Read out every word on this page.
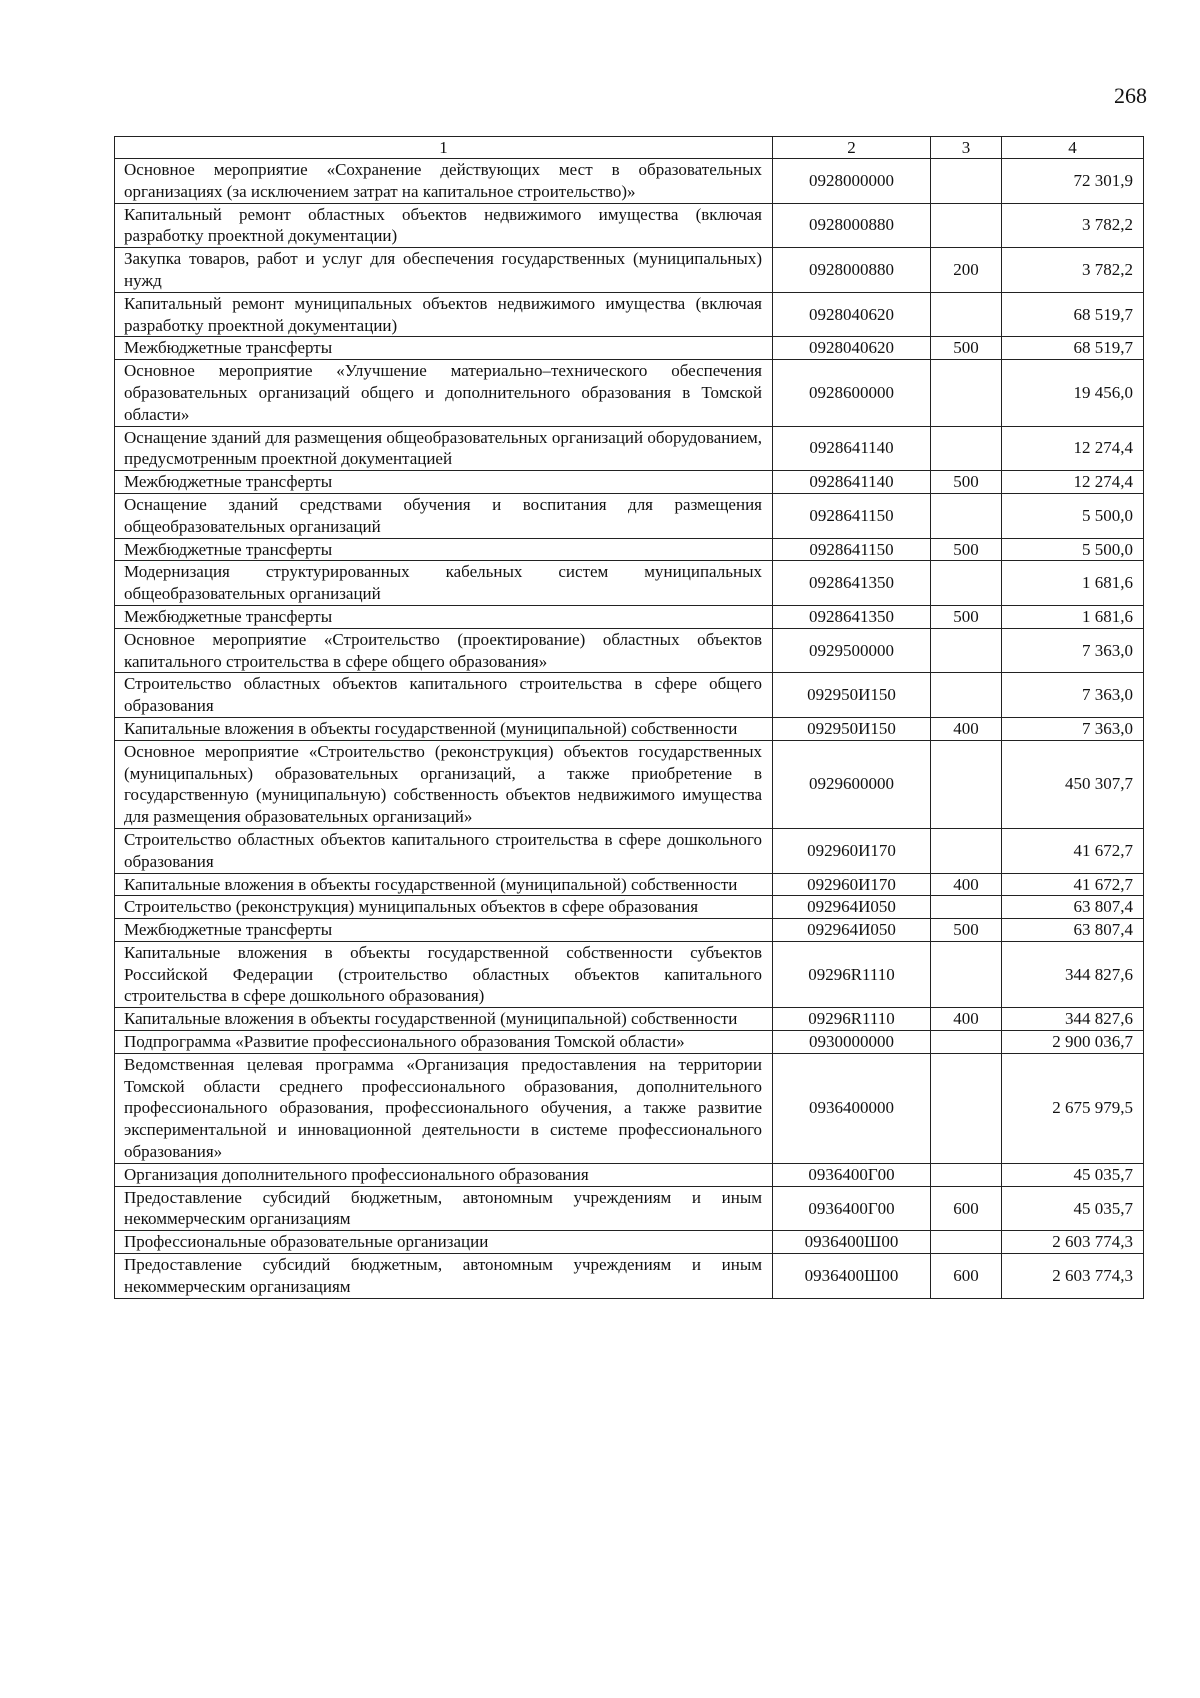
268
1	2	3	4
Основное мероприятие «Сохранение действующих мест в образовательных организациях (за исключением затрат на капитальное строительство)»	0928000000		72 301,9
Капитальный ремонт областных объектов недвижимого имущества (включая разработку проектной документации)	0928000880		3 782,2
Закупка товаров, работ и услуг для обеспечения государственных (муниципальных) нужд	0928000880	200	3 782,2
Капитальный ремонт муниципальных объектов недвижимого имущества (включая разработку проектной документации)	0928040620		68 519,7
Межбюджетные трансферты	0928040620	500	68 519,7
Основное мероприятие «Улучшение материально–технического обеспечения образовательных организаций общего и дополнительного образования в Томской области»	0928600000		19 456,0
Оснащение зданий для размещения общеобразовательных организаций оборудованием, предусмотренным проектной документацией	0928641140		12 274,4
Межбюджетные трансферты	0928641140	500	12 274,4
Оснащение зданий средствами обучения и воспитания для размещения общеобразовательных организаций	0928641150		5 500,0
Межбюджетные трансферты	0928641150	500	5 500,0
Модернизация структурированных кабельных систем муниципальных общеобразовательных организаций	0928641350		1 681,6
Межбюджетные трансферты	0928641350	500	1 681,6
Основное мероприятие «Строительство (проектирование) областных объектов капитального строительства в сфере общего образования»	0929500000		7 363,0
Строительство областных объектов капитального строительства в сфере общего образования	092950И150		7 363,0
Капитальные вложения в объекты государственной (муниципальной) собственности	092950И150	400	7 363,0
Основное мероприятие «Строительство (реконструкция) объектов государственных (муниципальных) образовательных организаций, а также приобретение в государственную (муниципальную) собственность объектов недвижимого имущества для размещения образовательных организаций»	0929600000		450 307,7
Строительство областных объектов капитального строительства в сфере дошкольного образования	092960И170		41 672,7
Капитальные вложения в объекты государственной (муниципальной) собственности	092960И170	400	41 672,7
Строительство (реконструкция) муниципальных объектов в сфере образования	092964И050		63 807,4
Межбюджетные трансферты	092964И050	500	63 807,4
Капитальные вложения в объекты государственной собственности субъектов Российской Федерации (строительство областных объектов капитального строительства в сфере дошкольного образования)	09296R1110		344 827,6
Капитальные вложения в объекты государственной (муниципальной) собственности	09296R1110	400	344 827,6
Подпрограмма «Развитие профессионального образования Томской области»	0930000000		2 900 036,7
Ведомственная целевая программа «Организация предоставления на территории Томской области среднего профессионального образования, дополнительного профессионального образования, профессионального обучения, а также развитие экспериментальной и инновационной деятельности в системе профессионального образования»	0936400000		2 675 979,5
Организация дополнительного профессионального образования	0936400Г00		45 035,7
Предоставление субсидий бюджетным, автономным учреждениям и иным некоммерческим организациям	0936400Г00	600	45 035,7
Профессиональные образовательные организации	0936400Ш00		2 603 774,3
Предоставление субсидий бюджетным, автономным учреждениям и иным некоммерческим организациям	0936400Ш00	600	2 603 774,3
